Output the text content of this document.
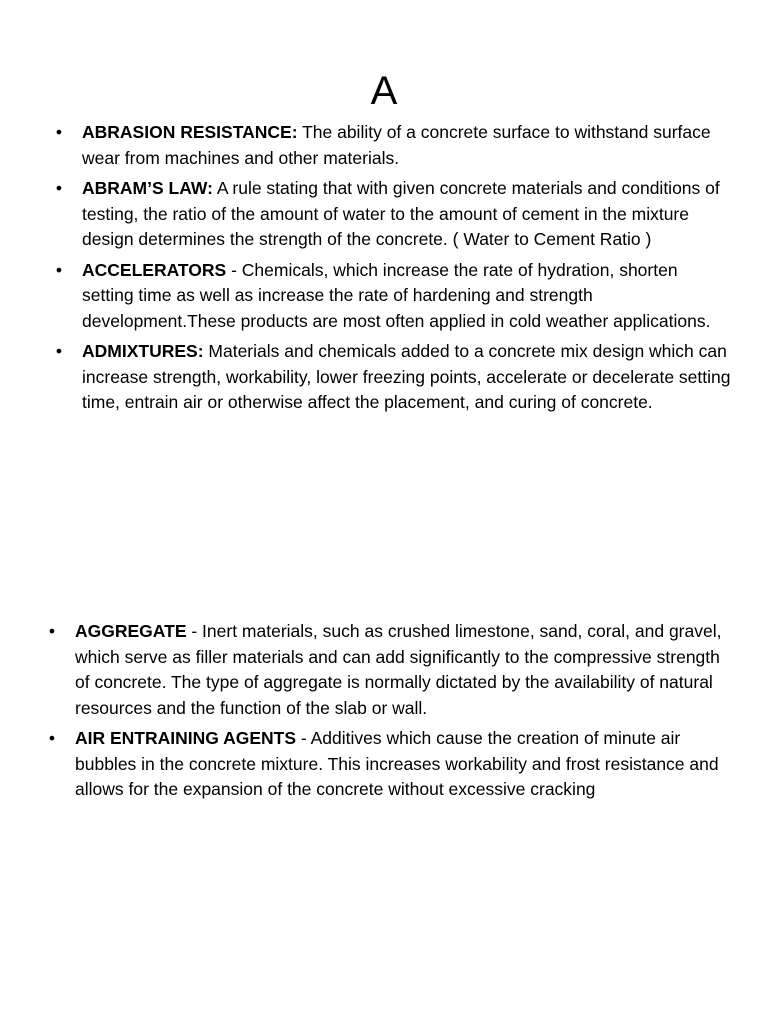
A
• ABRASION RESISTANCE: The ability of a concrete surface to withstand surface wear from machines and other materials.
• ABRAM’S LAW: A rule stating that with given concrete materials and conditions of testing, the ratio of the amount of water to the amount of cement in the mixture design determines the strength of the concrete. ( Water to Cement Ratio )
• ACCELERATORS - Chemicals, which increase the rate of hydration, shorten setting time as well as increase the rate of hardening and strength development.These products are most often applied in cold weather applications.
• ADMIXTURES: Materials and chemicals added to a concrete mix design which can increase strength, workability, lower freezing points, accelerate or decelerate setting time, entrain air or otherwise affect the placement, and curing of concrete.
• AGGREGATE - Inert materials, such as crushed limestone, sand, coral, and gravel, which serve as filler materials and can add significantly to the compressive strength of concrete. The type of aggregate is normally dictated by the availability of natural resources and the function of the slab or wall.
• AIR ENTRAINING AGENTS - Additives which cause the creation of minute air bubbles in the concrete mixture. This increases workability and frost resistance and allows for the expansion of the concrete without excessive cracking
